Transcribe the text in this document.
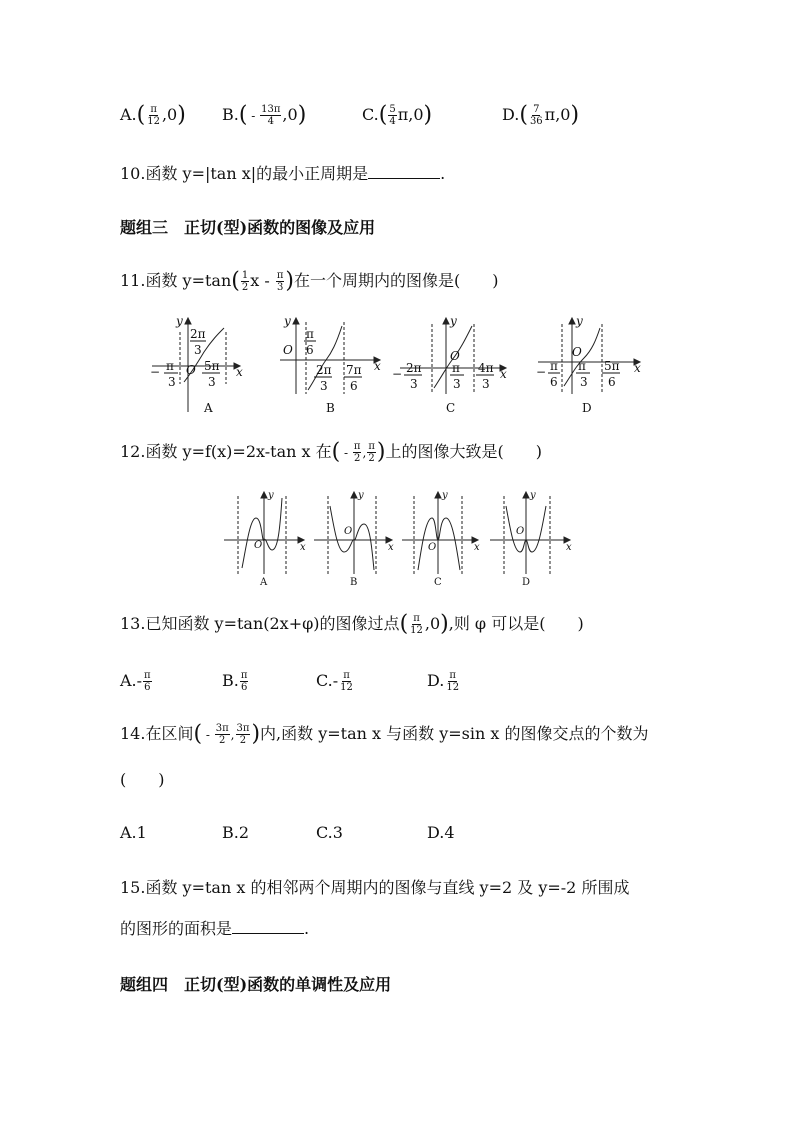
$A.( \frac{\pi}{12} ,0)$ $B.( - \frac{13\pi}{4} ,0)$	$C.( \frac{5}{4} \pi,0)$	$D.( \frac{7}{36} \pi,0)$
10.函数 y=|tan x|的最小正周期是	.
题组三　正切(型)函数的图像及应用
11.函数 $y=\tan( \frac{1}{2}$ x - $\frac{\pi}{3}$ )在一个周期内的图像是(　　)
y
x
O
2π
3
− π
3
5π
3
A
y
x
O
π
6
2π
3
7π
6
B
y
x
O
− 2π
3
π
3
4π
3
C
y
x
O
− π
6
π
3
5π
6
D
12.函数 y=f(x)=2x-tan x 在( - $\frac{\pi}{2}$ , $\frac{\pi}{2}$ )上的图像大致是(　　)
y
x
O
y
x
O
y
x
O
y
x
O
A	B	C	D
13.已知函数 y=tan(2x+φ)的图像过点( $\frac{\pi}{12} ,0$),则 φ 可以是(　　)
$A.- \frac{\pi}{6}$	B. $\frac{\pi}{6}$	$C.- \frac{\pi}{12}$	D. $\frac{\pi}{12}$
14.在区间( - $\frac{3\pi}{2}$ , $\frac{3\pi}{2}$ )内,函数 y=tan x 与函数 y=sin x 的图像交点的个数为
(　　)
A.1	B.2	C.3	D.4
15.函数 y=tan x 的相邻两个周期内的图像与直线 y=2 及 y=-2 所围成
的图形的面积是	.
题组四　正切(型)函数的单调性及应用
